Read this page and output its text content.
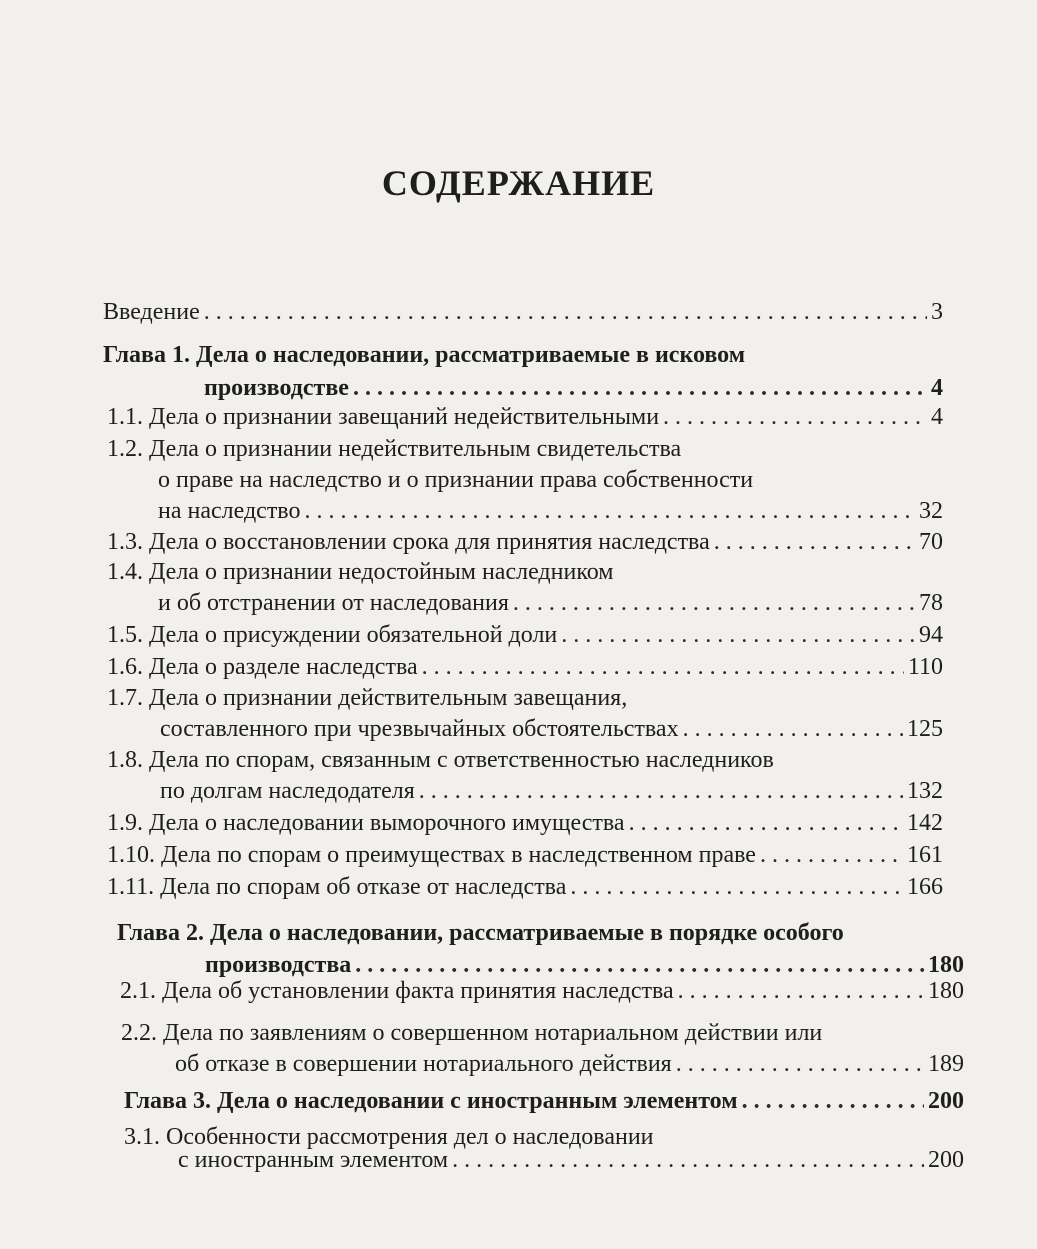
СОДЕРЖАНИЕ
Введение . . .	3
Глава 1. Дела о наследовании, рассматриваемые в исковом
производстве . . .	4
1.1. Дела о признании завещаний недействительными . . .	4
1.2. Дела о признании недействительным свидетельства
о праве на наследство и о признании права собственности
на наследство . . .	32
1.3. Дела о восстановлении срока для принятия наследства . . .	70
1.4. Дела о признании недостойным наследником
и об отстранении от наследования . . .	78
1.5. Дела о присуждении обязательной доли . . .	94
1.6. Дела о разделе наследства . . .	110
1.7. Дела о признании действительным завещания,
составленного при чрезвычайных обстоятельствах . . .	125
1.8. Дела по спорам, связанным с ответственностью наследников
по долгам наследодателя . . .	132
1.9. Дела о наследовании выморочного имущества . . .	142
1.10. Дела по спорам о преимуществах в наследственном праве . . .	161
1.11. Дела по спорам об отказе от наследства . . .	166
Глава 2. Дела о наследовании, рассматриваемые в порядке особого
производства . . .	180
2.1. Дела об установлении факта принятия наследства . . .	180
2.2. Дела по заявлениям о совершенном нотариальном действии или
об отказе в совершении нотариального действия . . .	189
Глава 3. Дела о наследовании с иностранным элементом . . .	200
3.1. Особенности рассмотрения дел о наследовании
с иностранным элементом . . .	200
